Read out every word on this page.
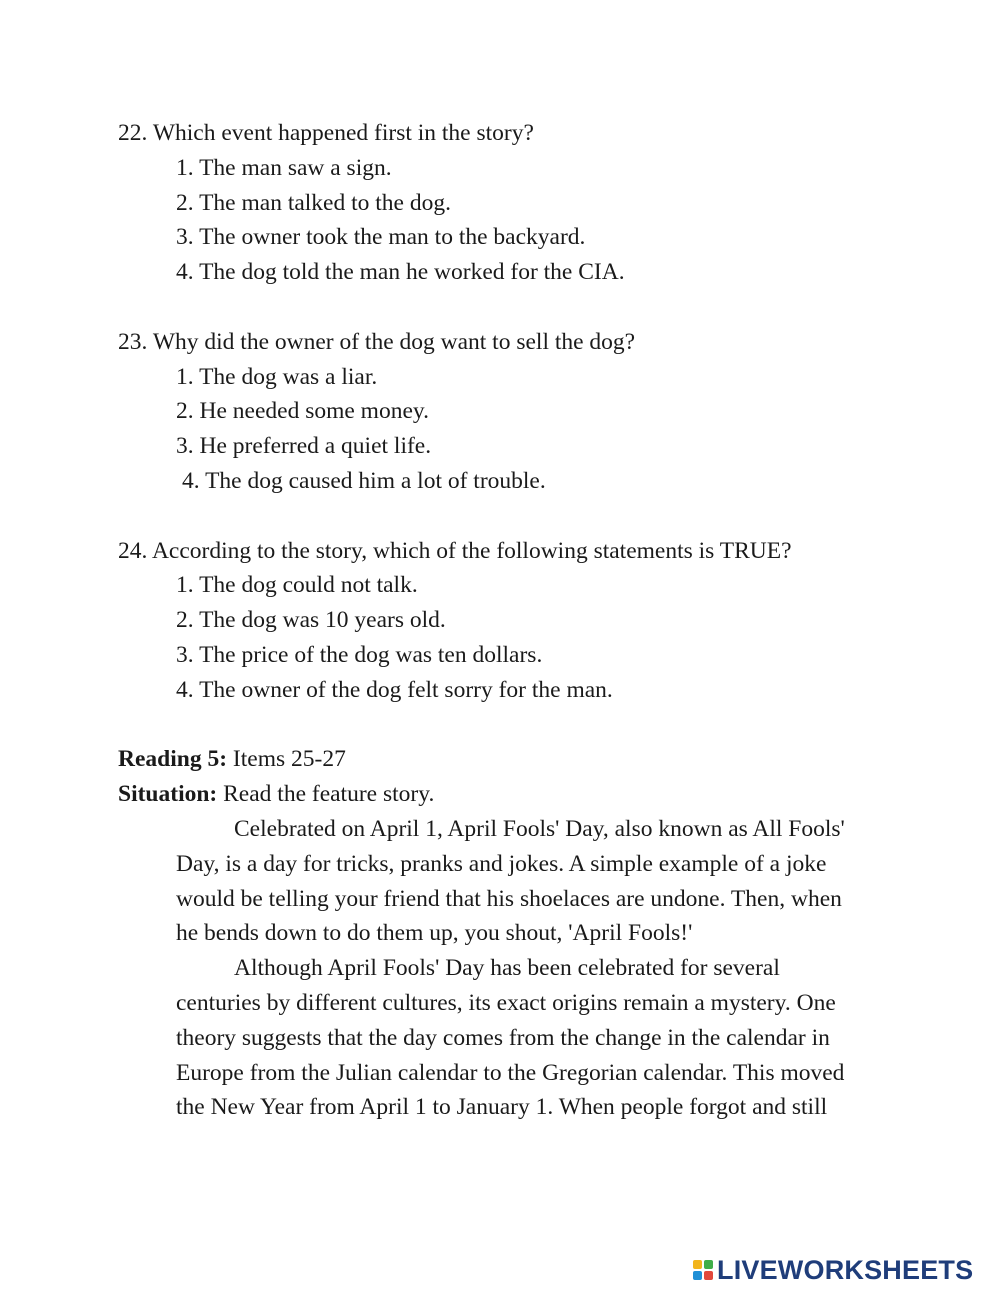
22. Which event happened first in the story?
1. The man saw a sign.
2. The man talked to the dog.
3. The owner took the man to the backyard.
4. The dog told the man he worked for the CIA.
23. Why did the owner of the dog want to sell the dog?
1. The dog was a liar.
2. He needed some money.
3. He preferred a quiet life.
4. The dog caused him a lot of trouble.
24. According to the story, which of the following statements is TRUE?
1. The dog could not talk.
2. The dog was 10 years old.
3. The price of the dog was ten dollars.
4. The owner of the dog felt sorry for the man.
Reading 5: Items 25-27
Situation: Read the feature story.
Celebrated on April 1, April Fools' Day, also known as All Fools'
Day, is a day for tricks, pranks and jokes. A simple example of a joke
would be telling your friend that his shoelaces are undone. Then, when
he bends down to do them up, you shout, 'April Fools!'
Although April Fools' Day has been celebrated for several
centuries by different cultures, its exact origins remain a mystery. One
theory suggests that the day comes from the change in the calendar in
Europe from the Julian calendar to the Gregorian calendar. This moved
the New Year from April 1 to January 1. When people forgot and still
LIVEWORKSHEETS
